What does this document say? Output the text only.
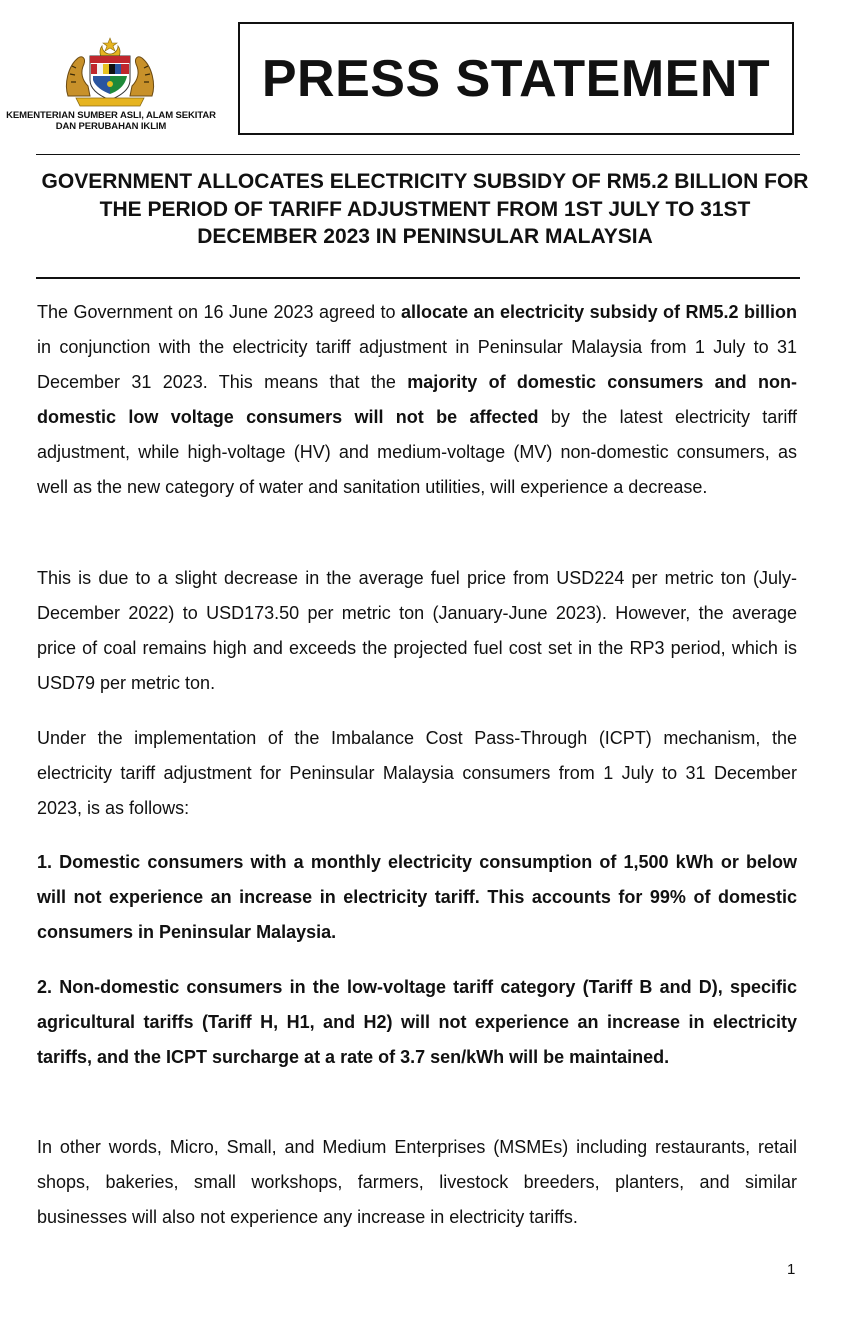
KEMENTERIAN SUMBER ASLI, ALAM SEKITAR DAN PERUBAHAN IKLIM
PRESS STATEMENT
GOVERNMENT ALLOCATES ELECTRICITY SUBSIDY OF RM5.2 BILLION FOR THE PERIOD OF TARIFF ADJUSTMENT FROM 1ST JULY TO 31ST DECEMBER 2023 IN PENINSULAR MALAYSIA

The Government on 16 June 2023 agreed to allocate an electricity subsidy of RM5.2 billion in conjunction with the electricity tariff adjustment in Peninsular Malaysia from 1 July to 31 December 31 2023. This means that the majority of domestic consumers and non-domestic low voltage consumers will not be affected by the latest electricity tariff adjustment, while high-voltage (HV) and medium-voltage (MV) non-domestic consumers, as well as the new category of water and sanitation utilities, will experience a decrease.

This is due to a slight decrease in the average fuel price from USD224 per metric ton (July-December 2022) to USD173.50 per metric ton (January-June 2023). However, the average price of coal remains high and exceeds the projected fuel cost set in the RP3 period, which is USD79 per metric ton.

Under the implementation of the Imbalance Cost Pass-Through (ICPT) mechanism, the electricity tariff adjustment for Peninsular Malaysia consumers from 1 July to 31 December 2023, is as follows:

1. Domestic consumers with a monthly electricity consumption of 1,500 kWh or below will not experience an increase in electricity tariff. This accounts for 99% of domestic consumers in Peninsular Malaysia.

2. Non-domestic consumers in the low-voltage tariff category (Tariff B and D), specific agricultural tariffs (Tariff H, H1, and H2) will not experience an increase in electricity tariffs, and the ICPT surcharge at a rate of 3.7 sen/kWh will be maintained.

In other words, Micro, Small, and Medium Enterprises (MSMEs) including restaurants, retail shops, bakeries, small workshops, farmers, livestock breeders, planters, and similar businesses will also not experience any increase in electricity tariffs.

1
